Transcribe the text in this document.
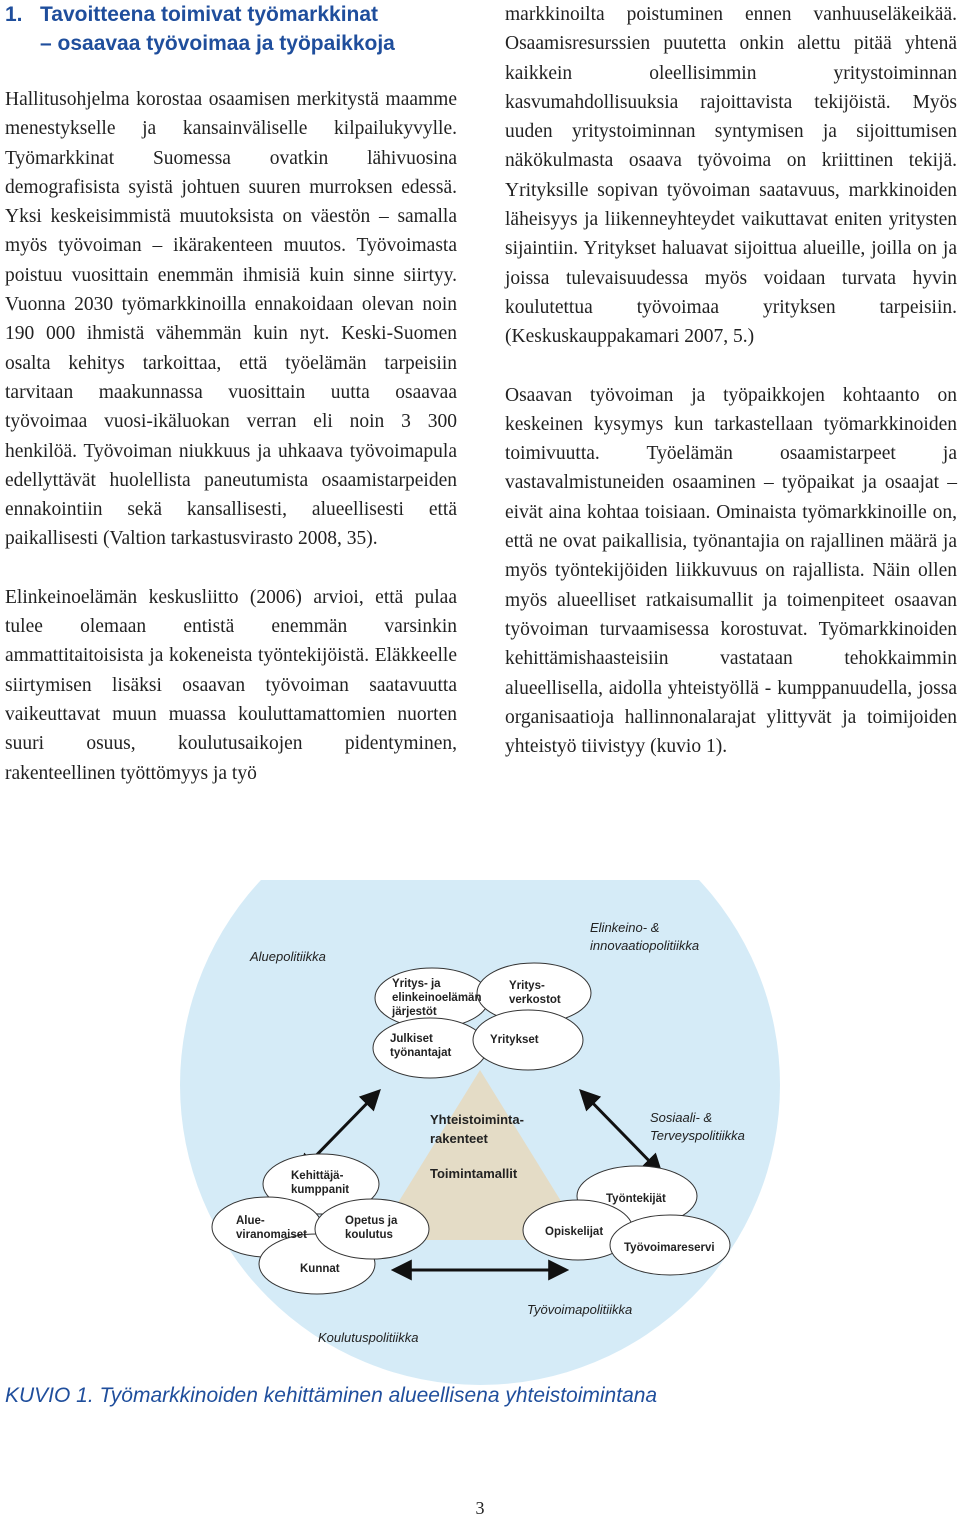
1. Tavoitteena toimivat työmarkkinat
– osaavaa työvoimaa ja työpaikkoja

Hallitusohjelma korostaa osaamisen merkitystä maamme menestykselle ja kansainväliselle kilpailukyvylle. Työmarkkinat Suomessa ovatkin lähivuosina demografisista syistä johtuen suuren murroksen edessä. Yksi keskeisimmistä muutoksista on väestön – samalla myös työvoiman – ikärakenteen muutos. Työvoimasta poistuu vuosittain enemmän ihmisiä kuin sinne siirtyy. Vuonna 2030 työmarkkinoilla ennakoidaan olevan noin 190 000 ihmistä vähemmän kuin nyt. Keski-Suomen osalta kehitys tarkoittaa, että työelämän tarpeisiin tarvitaan maakunnassa vuosittain uutta osaavaa työvoimaa vuosi-ikäluokan verran eli noin 3 300 henkilöä. Työvoiman niukkuus ja uhkaava työvoimapula edellyttävät huolellista paneutumista osaamistarpeiden ennakointiin sekä kansallisesti, alueellisesti että paikallisesti (Valtion tarkastusvirasto 2008, 35).

Elinkeinoelämän keskusliitto (2006) arvioi, että pulaa tulee olemaan entistä enemmän varsinkin ammattitaitoisista ja kokeneista työntekijöistä. Eläkkeelle siirtymisen lisäksi osaavan työvoiman saatavuutta vaikeuttavat muun muassa kouluttamattomien nuorten suuri osuus, koulutusaikojen pidentyminen, rakenteellinen työttömyys ja työ

markkinoilta poistuminen ennen vanhuuseläkeikää. Osaamisresurssien puutetta onkin alettu pitää yhtenä kaikkein oleellisimmin yritystoiminnan kasvumahdollisuuksia rajoittavista tekijöistä. Myös uuden yritystoiminnan syntymisen ja sijoittumisen näkökulmasta osaava työvoima on kriittinen tekijä. Yrityksille sopivan työvoiman saatavuus, markkinoiden läheisyys ja liikenneyhteydet vaikuttavat eniten yritysten sijaintiin. Yritykset haluavat sijoittua alueille, joilla on ja joissa tulevaisuudessa myös voidaan turvata hyvin koulutettua työvoimaa yrityksen tarpeisiin. (Keskuskauppakamari 2007, 5.)

Osaavan työvoiman ja työpaikkojen kohtaanto on keskeinen kysymys kun tarkastellaan työmarkkinoiden toimivuutta. Työelämän osaamistarpeet ja vastavalmistuneiden osaaminen – työpaikat ja osaajat – eivät aina kohtaa toisiaan. Ominaista työmarkkinoille on, että ne ovat paikallisia, työnantajia on rajallinen määrä ja myös työntekijöiden liikkuvuus on rajallista. Näin ollen myös alueelliset ratkaisumallit ja toimenpiteet osaavan työvoiman turvaamisessa korostuvat. Työmarkkinoiden kehittämishaasteisiin vastataan tehokkaimmin alueellisella, aidolla yhteistyöllä - kumppanuudella, jossa organisaatioja hallinnonalarajat ylittyvät ja toimijoiden yhteistyö tiivistyy (kuvio 1).

Aluepolitiikka
Elinkeino- &
innovaatiopolitiikka
Sosiaali- &
Terveyspolitiikka
Työvoimapolitiikka
Koulutuspolitiikka
Yritys- ja
elinkeinoelämän
järjestöt
Yritys-
verkostot
Julkiset
työnantajat
Yritykset
Kehittäjä-
kumppanit
Alue-
viranomaiset
Opetus ja
koulutus
Kunnat
Työntekijät
Opiskelijat
Työvoimareservi
Yhteistoiminta-
rakenteet
Toimintamallit
KUVIO 1. Työmarkkinoiden kehittäminen alueellisena yhteistoimintana
3
